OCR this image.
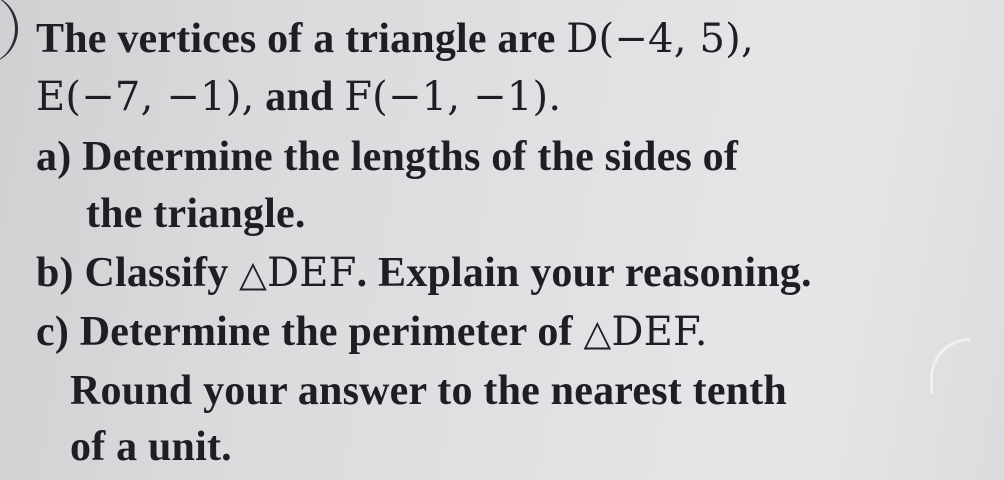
The vertices of a triangle are D(−4, 5),
E(−7, −1), and F(−1, −1).
a) Determine the lengths of the sides of
the triangle.
b) Classify △DEF. Explain your reasoning.
c) Determine the perimeter of △DEF.
Round your answer to the nearest tenth
of a unit.
